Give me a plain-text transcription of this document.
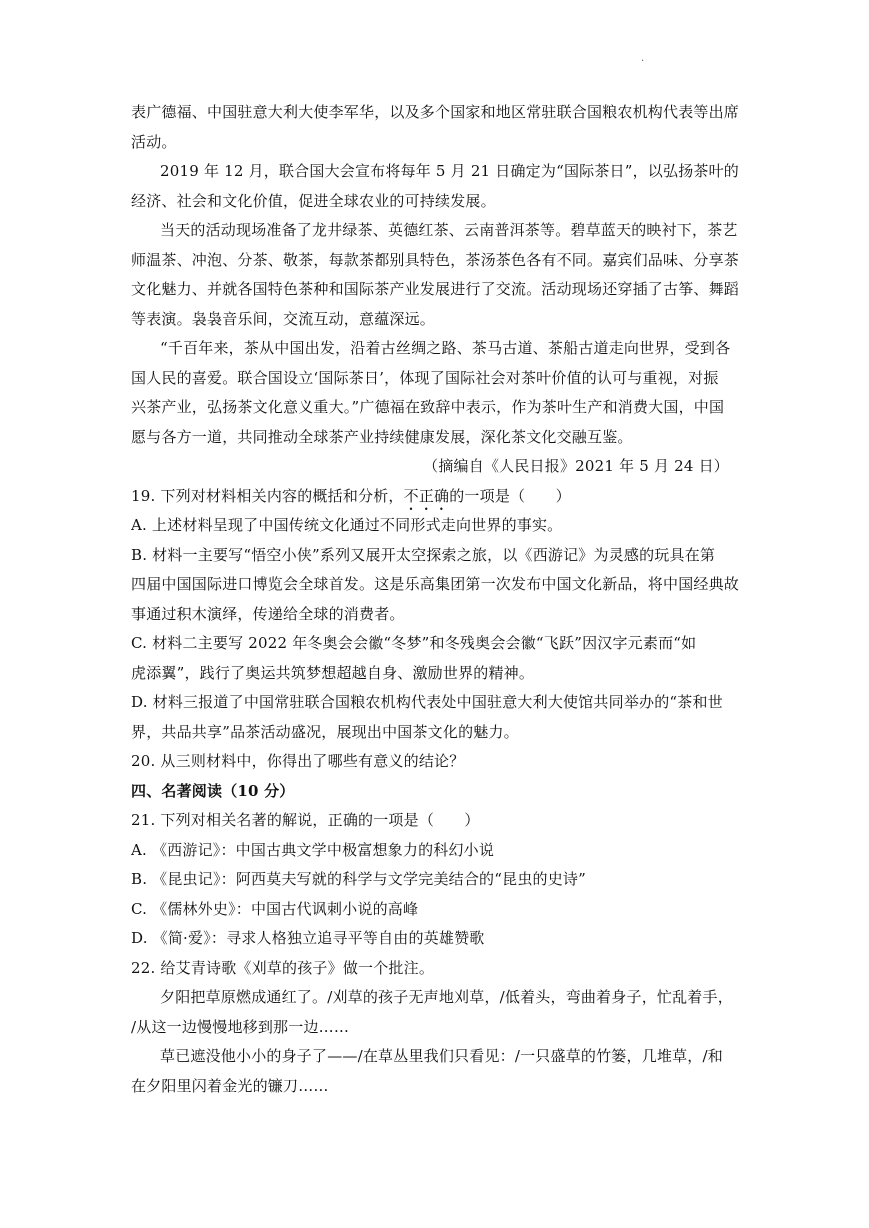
.
表广德福、中国驻意大利大使李军华，以及多个国家和地区常驻联合国粮农机构代表等出席
活动。
2019 年 12 月，联合国大会宣布将每年 5 月 21 日确定为“国际茶日”，以弘扬茶叶的
经济、社会和文化价值，促进全球农业的可持续发展。
当天的活动现场准备了龙井绿茶、英德红茶、云南普洱茶等。碧草蓝天的映衬下，茶艺
师温茶、冲泡、分茶、敬茶，每款茶都别具特色，茶汤茶色各有不同。嘉宾们品味、分享茶
文化魅力、并就各国特色茶种和国际茶产业发展进行了交流。活动现场还穿插了古筝、舞蹈
等表演。袅袅音乐间，交流互动，意蕴深远。
“千百年来，茶从中国出发，沿着古丝绸之路、茶马古道、茶船古道走向世界，受到各
国人民的喜爱。联合国设立‘国际茶日’，体现了国际社会对茶叶价值的认可与重视，对振
兴茶产业，弘扬茶文化意义重大。”广德福在致辞中表示，作为茶叶生产和消费大国，中国
愿与各方一道，共同推动全球茶产业持续健康发展，深化茶文化交融互鉴。
（摘编自《人民日报》2021 年 5 月 24 日）
19. 下列对材料相关内容的概括和分析，不正确的一项是（　　）
A. 上述材料呈现了中国传统文化通过不同形式走向世界的事实。
B. 材料一主要写“悟空小侠”系列又展开太空探索之旅，以《西游记》为灵感的玩具在第
四届中国国际进口博览会全球首发。这是乐高集团第一次发布中国文化新品，将中国经典故
事通过积木演绎，传递给全球的消费者。
C. 材料二主要写 2022 年冬奥会会徽“冬梦”和冬残奥会会徽“飞跃”因汉字元素而“如
虎添翼”，践行了奥运共筑梦想超越自身、激励世界的精神。
D. 材料三报道了中国常驻联合国粮农机构代表处中国驻意大利大使馆共同举办的“茶和世
界，共品共享”品茶活动盛况，展现出中国茶文化的魅力。
20. 从三则材料中，你得出了哪些有意义的结论？
四、名著阅读（10 分）
21. 下列对相关名著的解说，正确的一项是（　　）
A. 《西游记》：中国古典文学中极富想象力的科幻小说
B. 《昆虫记》：阿西莫夫写就的科学与文学完美结合的“昆虫的史诗”
C. 《儒林外史》：中国古代讽刺小说的高峰
D. 《简·爱》：寻求人格独立追寻平等自由的英雄赞歌
22. 给艾青诗歌《刈草的孩子》做一个批注。
夕阳把草原燃成通红了。/刈草的孩子无声地刈草，/低着头，弯曲着身子，忙乱着手，
/从这一边慢慢地移到那一边……
草已遮没他小小的身子了——/在草丛里我们只看见：/一只盛草的竹篓，几堆草，/和
在夕阳里闪着金光的镰刀……
